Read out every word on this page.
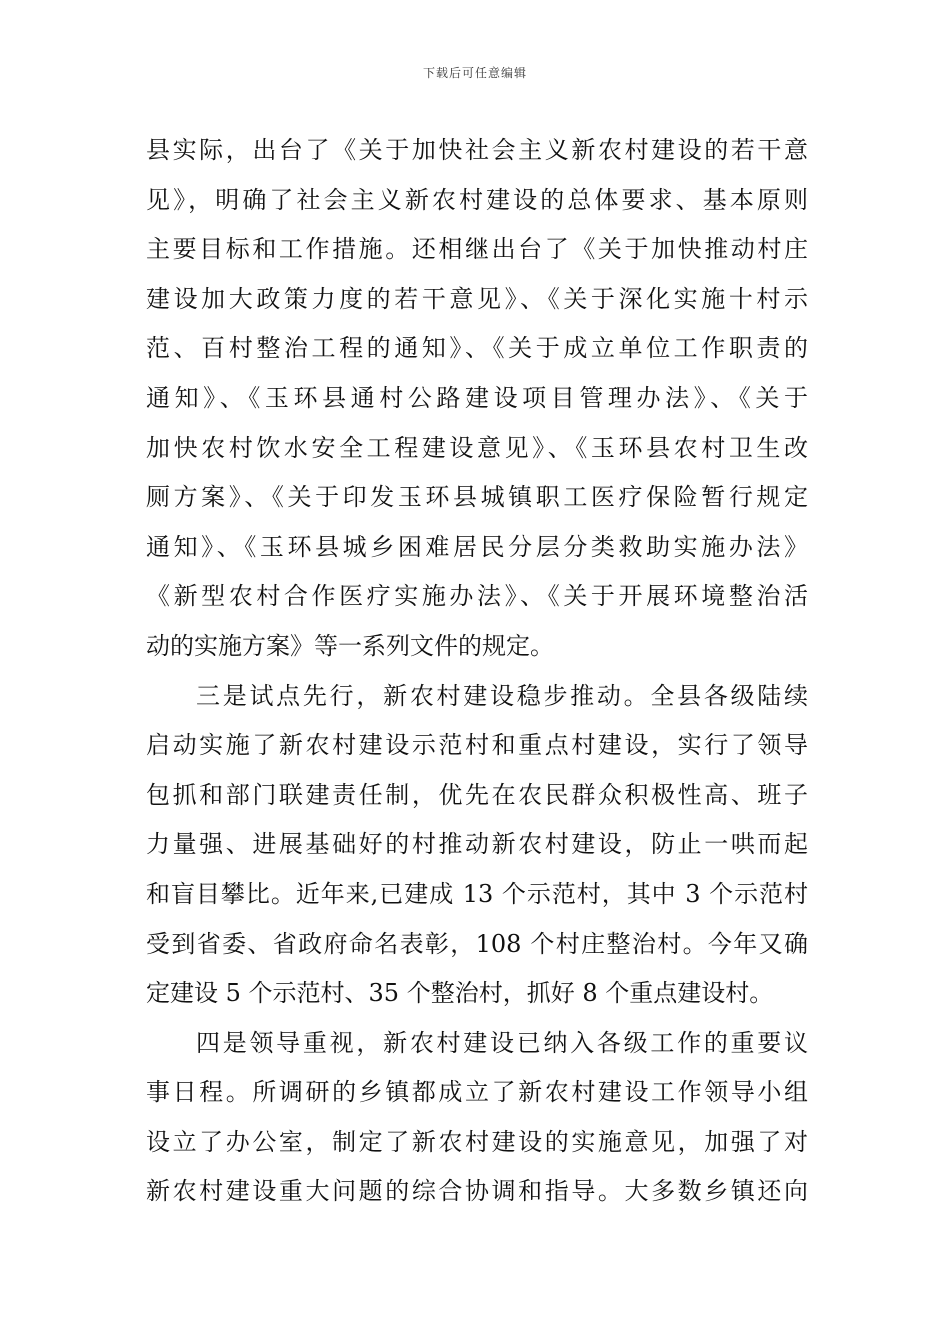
下载后可任意编辑
县实际，出台了《关于加快社会主义新农村建设的若干意
见》，明确了社会主义新农村建设的总体要求、基本原则
主要目标和工作措施。还相继出台了《关于加快推动村庄
建设加大政策力度的若干意见》、《关于深化实施十村示
范、百村整治工程的通知》、《关于成立单位工作职责的
通知》、《玉环县通村公路建设项目管理办法》、《关于
加快农村饮水安全工程建设意见》、《玉环县农村卫生改
厕方案》、《关于印发玉环县城镇职工医疗保险暂行规定
通知》、《玉环县城乡困难居民分层分类救助实施办法》
《新型农村合作医疗实施办法》、《关于开展环境整治活
动的实施方案》等一系列文件的规定。
三是试点先行，新农村建设稳步推动。全县各级陆续
启动实施了新农村建设示范村和重点村建设，实行了领导
包抓和部门联建责任制，优先在农民群众积极性高、班子
力量强、进展基础好的村推动新农村建设，防止一哄而起
和盲目攀比。近年来,已建成 13 个示范村，其中 3 个示范村
受到省委、省政府命名表彰，108 个村庄整治村。今年又确
定建设 5 个示范村、35 个整治村，抓好 8 个重点建设村。
四是领导重视，新农村建设已纳入各级工作的重要议
事日程。所调研的乡镇都成立了新农村建设工作领导小组
设立了办公室，制定了新农村建设的实施意见，加强了对
新农村建设重大问题的综合协调和指导。大多数乡镇还向
